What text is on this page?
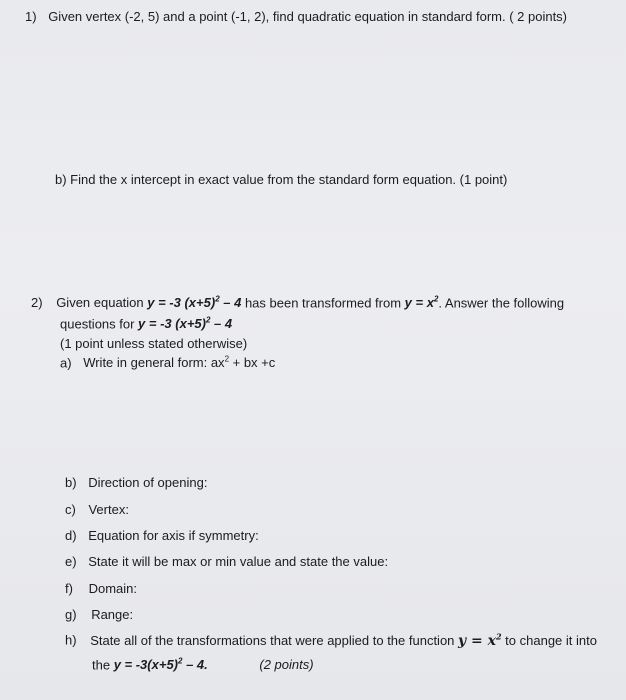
1) Given vertex (-2, 5) and a point (-1, 2), find quadratic equation in standard form. ( 2 points)
b) Find the x intercept in exact value from the standard form equation. (1 point)
2) Given equation y = -3 $(x+5)^2 - 4$ has been transformed from $y = x^2$. Answer the following
questions for y = -3 $(x+5)^2 - 4$
(1 point unless stated otherwise)
a) Write in general form: $ax^2$ + bx +c
b) Direction of opening:
c) Vertex:
d) Equation for axis if symmetry:
e) State it will be max or min value and state the value:
f) Domain:
g) Range:
h) State all of the transformations that were applied to the function $y = x^2$ to change it into
the $y = -3(x+5)^2 - 4$.	(2 points)
